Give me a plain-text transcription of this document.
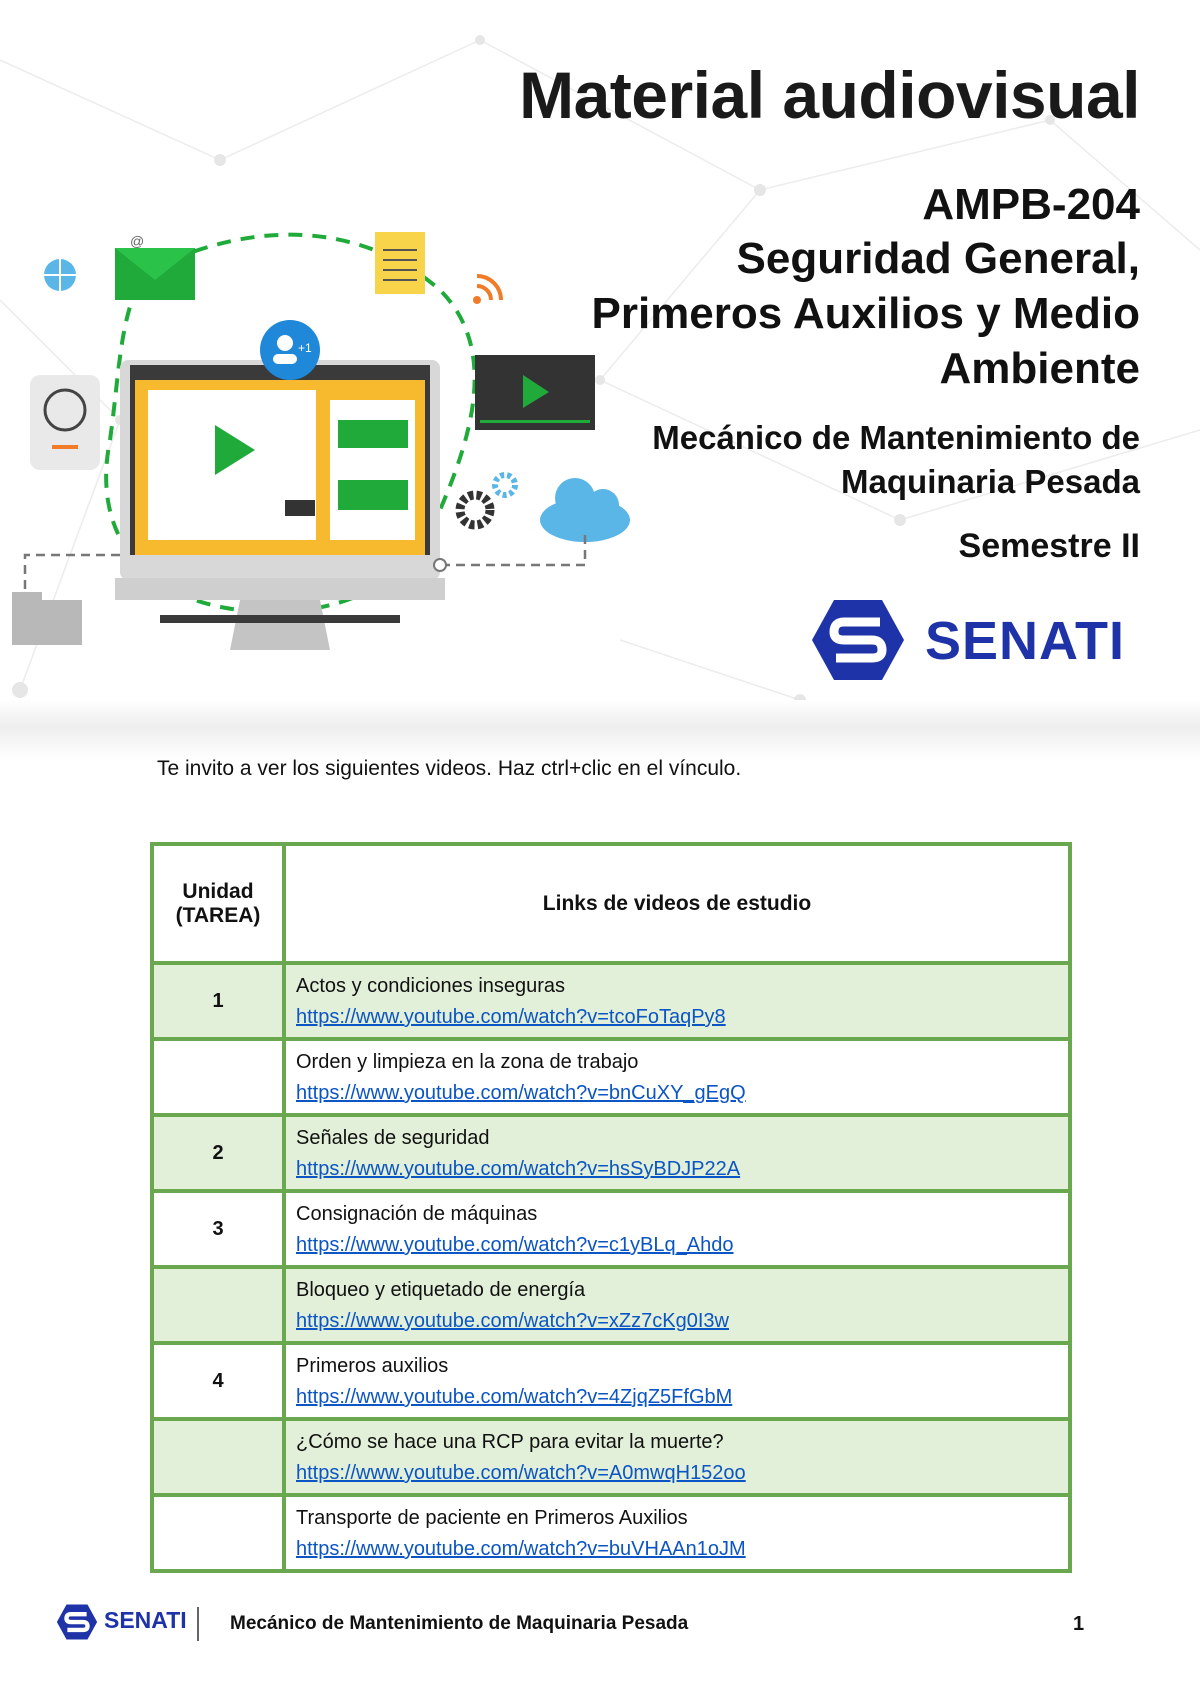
@
+1
Material audiovisual
AMPB-204
Seguridad General,
Primeros Auxilios y Medio
Ambiente
Mecánico de Mantenimiento de
Maquinaria Pesada
Semestre II
SENATI
Te invito a ver los siguientes videos. Haz ctrl+clic en el vínculo.
Unidad (TAREA)	Links de videos de estudio
1	Actos y condiciones inseguras
https://www.youtube.com/watch?v=tcoFoTaqPy8

	Orden y limpieza en la zona de trabajo
https://www.youtube.com/watch?v=bnCuXY_gEgQ
2	Señales de seguridad
https://www.youtube.com/watch?v=hsSyBDJP22A
3	Consignación de máquinas
https://www.youtube.com/watch?v=c1yBLq_Ahdo

	Bloqueo y etiquetado de energía
https://www.youtube.com/watch?v=xZz7cKg0I3w
4	Primeros auxilios
https://www.youtube.com/watch?v=4ZjqZ5FfGbM

	¿Cómo se hace una RCP para evitar la muerte?
https://www.youtube.com/watch?v=A0mwqH152oo

	Transporte de paciente en Primeros Auxilios
https://www.youtube.com/watch?v=buVHAAn1oJM
SENATI Mecánico de Mantenimiento de Maquinaria Pesada	1
